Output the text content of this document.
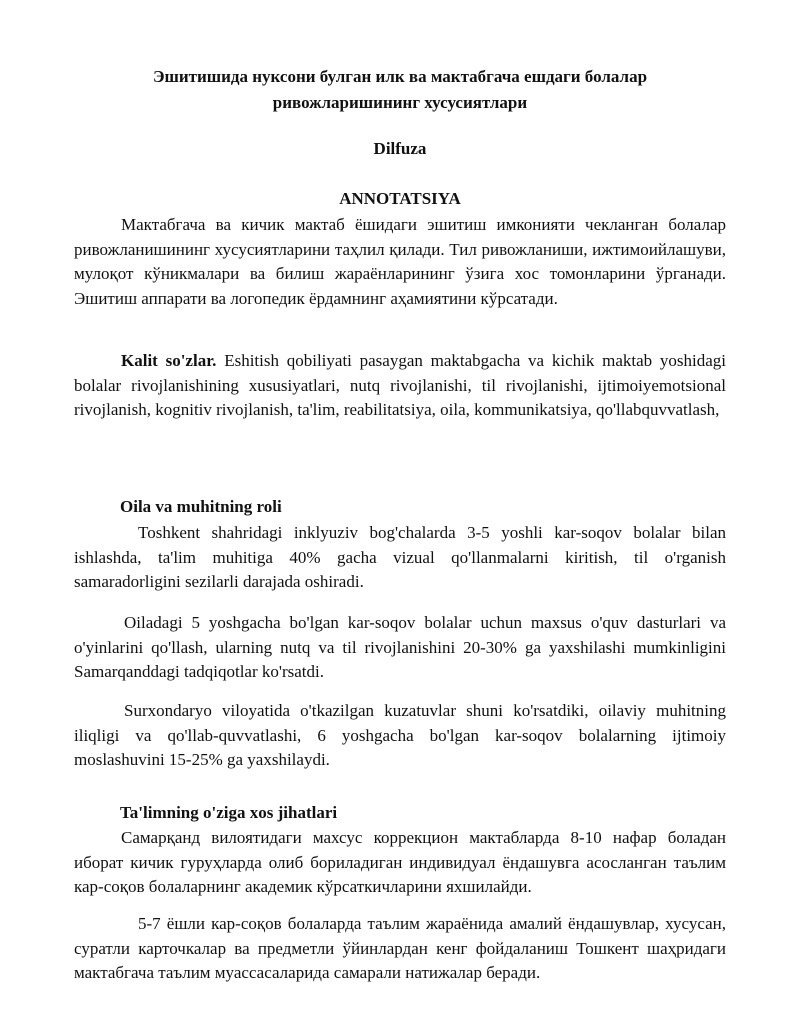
Эшитишида нуксони булган илк ва мактабгача ешдаги болалар
ривожларишининг хусусиятлари

Dilfuza

ANNOTATSIYA

Мактабгача ва кичик мактаб ёшидаги эшитиш имконияти чекланган болалар ривожланишининг хусусиятларини таҳлил қилади. Тил ривожланиши, ижтимоийлашуви, мулоқот кўникмалари ва билиш жараёнларининг ўзига хос томонларини ўрганади. Эшитиш аппарати ва логопедик ёрдамнинг аҳамиятини кўрсатади.

Kalit so'zlar. Eshitish qobiliyati pasaygan maktabgacha va kichik maktab yoshidagi bolalar rivojlanishining xususiyatlari, nutq rivojlanishi, til rivojlanishi, ijtimoiyemotsional rivojlanish, kognitiv rivojlanish, ta'lim, reabilitatsiya, oila, kommunikatsiya, qo'llabquvvatlash,

Oila va muhitning roli

Toshkent shahridagi inklyuziv bog'chalarda 3-5 yoshli kar-soqov bolalar bilan ishlashda, ta'lim muhitiga 40% gacha vizual qo'llanmalarni kiritish, til o'rganish samaradorligini sezilarli darajada oshiradi.

Oiladagi 5 yoshgacha bo'lgan kar-soqov bolalar uchun maxsus o'quv dasturlari va o'yinlarini qo'llash, ularning nutq va til rivojlanishini 20-30% ga yaxshilashi mumkinligini Samarqanddagi tadqiqotlar ko'rsatdi.

Surxondaryo viloyatida o'tkazilgan kuzatuvlar shuni ko'rsatdiki, oilaviy muhitning iliqligi va qo'llab-quvvatlashi, 6 yoshgacha bo'lgan kar-soqov bolalarning ijtimoiy moslashuvini 15-25% ga yaxshilaydi.

Ta'limning o'ziga xos jihatlari

Самарқанд вилоятидаги махсус коррекцион мактабларда 8-10 нафар боладан иборат кичик гуруҳларда олиб бориладиган индивидуал ёндашувга асосланган таълим кар-соқов болаларнинг академик кўрсаткичларини яхшилайди.

5-7 ёшли кар-соқов болаларда таълим жараёнида амалий ёндашувлар, хусусан, суратли карточкалар ва предметли ўйинлардан кенг фойдаланиш Тошкент шаҳридаги мактабгача таълим муассасаларида самарали натижалар беради.
